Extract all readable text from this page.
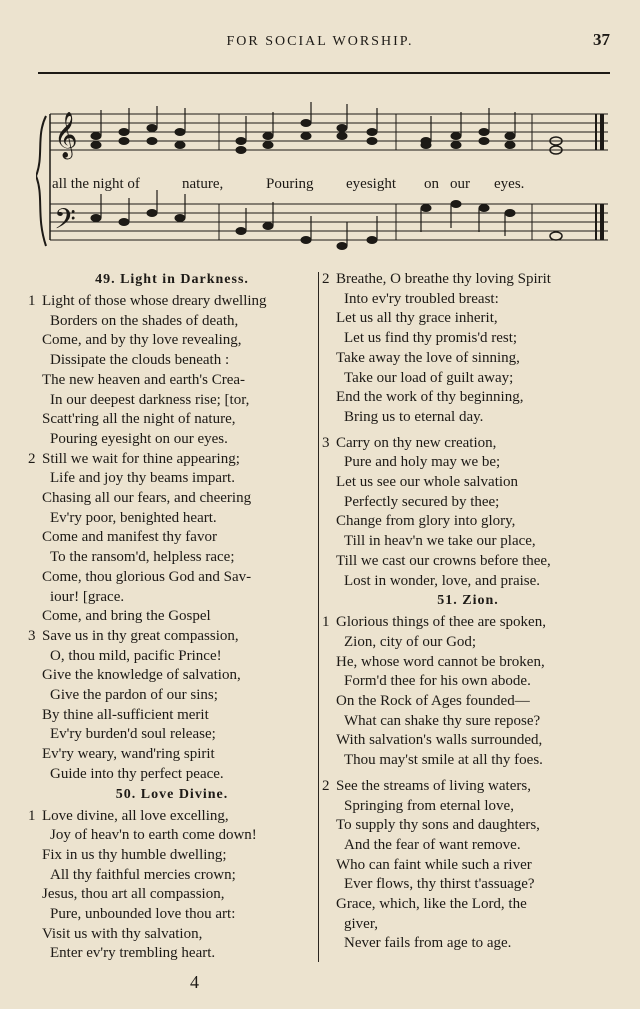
FOR SOCIAL WORSHIP.	37
𝄞
𝄢
all the night of	nature,	Pouring eyesight on our eyes.
49. Light in Darkness.
1 Light of those whose dreary dwelling
Borders on the shades of death,
Come, and by thy love revealing,
Dissipate the clouds beneath :
The new heaven and earth's Crea-
In our deepest darkness rise; [tor,
Scatt'ring all the night of nature,
Pouring eyesight on our eyes.
2 Still we wait for thine appearing;
Life and joy thy beams impart.
Chasing all our fears, and cheering
Ev'ry poor, benighted heart.
Come and manifest thy favor
To the ransom'd, helpless race;
Come, thou glorious God and Sav-
iour! [grace.
Come, and bring the Gospel
3 Save us in thy great compassion,
O, thou mild, pacific Prince!
Give the knowledge of salvation,
Give the pardon of our sins;
By thine all-sufficient merit
Ev'ry burden'd soul release;
Ev'ry weary, wand'ring spirit
Guide into thy perfect peace.
50. Love Divine.
1 Love divine, all love excelling,
Joy of heav'n to earth come down!
Fix in us thy humble dwelling;
All thy faithful mercies crown;
Jesus, thou art all compassion,
Pure, unbounded love thou art:
Visit us with thy salvation,
Enter ev'ry trembling heart.
2 Breathe, O breathe thy loving Spirit
Into ev'ry troubled breast:
Let us all thy grace inherit,
Let us find thy promis'd rest;
Take away the love of sinning,
Take our load of guilt away;
End the work of thy beginning,
Bring us to eternal day.
3 Carry on thy new creation,
Pure and holy may we be;
Let us see our whole salvation
Perfectly secured by thee;
Change from glory into glory,
Till in heav'n we take our place,
Till we cast our crowns before thee,
Lost in wonder, love, and praise.
51. Zion.
1 Glorious things of thee are spoken,
Zion, city of our God;
He, whose word cannot be broken,
Form'd thee for his own abode.
On the Rock of Ages founded—
What can shake thy sure repose?
With salvation's walls surrounded,
Thou may'st smile at all thy foes.
2 See the streams of living waters,
Springing from eternal love,
To supply thy sons and daughters,
And the fear of want remove.
Who can faint while such a river
Ever flows, thy thirst t'assuage?
Grace, which, like the Lord, the
giver,
Never fails from age to age.
4
